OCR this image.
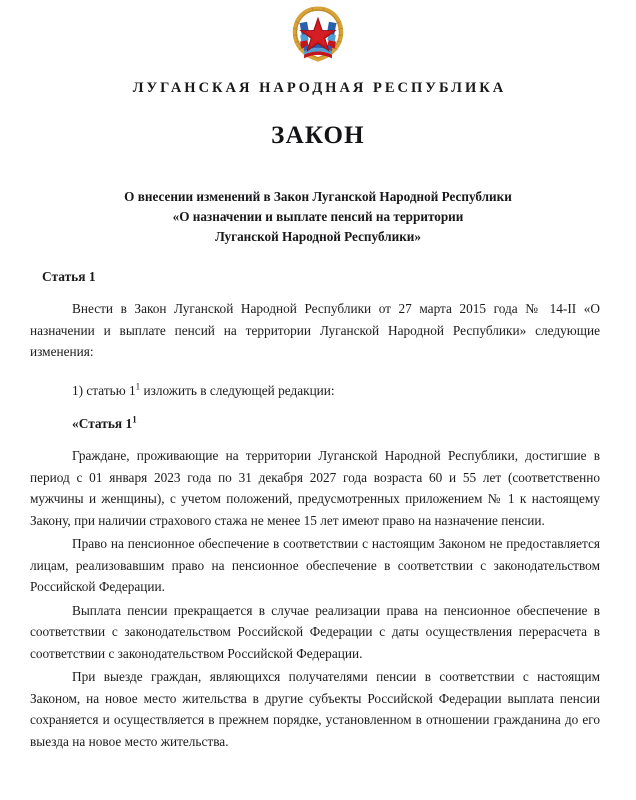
ЛУГАНСКАЯ НАРОДНАЯ РЕСПУБЛИКА
ЗАКОН
О внесении изменений в Закон Луганской Народной Республики
«О назначении и выплате пенсий на территории
Луганской Народной Республики»
Статья 1

Внести в Закон Луганской Народной Республики от 27 марта 2015 года № 14-II «О назначении и выплате пенсий на территории Луганской Народной Республики» следующие изменения:

1) статью $1^1$ изложить в следующей редакции:

«Статья $1^1$

Граждане, проживающие на территории Луганской Народной Республики, достигшие в период с 01 января 2023 года по 31 декабря 2027 года возраста 60 и 55 лет (соответственно мужчины и женщины), с учетом положений, предусмотренных приложением № 1 к настоящему Закону, при наличии страхового стажа не менее 15 лет имеют право на назначение пенсии.

Право на пенсионное обеспечение в соответствии с настоящим Законом не предоставляется лицам, реализовавшим право на пенсионное обеспечение в соответствии с законодательством Российской Федерации.

Выплата пенсии прекращается в случае реализации права на пенсионное обеспечение в соответствии с законодательством Российской Федерации с даты осуществления перерасчета в соответствии с законодательством Российской Федерации.

При выезде граждан, являющихся получателями пенсии в соответствии с настоящим Законом, на новое место жительства в другие субъекты Российской Федерации выплата пенсии сохраняется и осуществляется в прежнем порядке, установленном в отношении гражданина до его выезда на новое место жительства.
